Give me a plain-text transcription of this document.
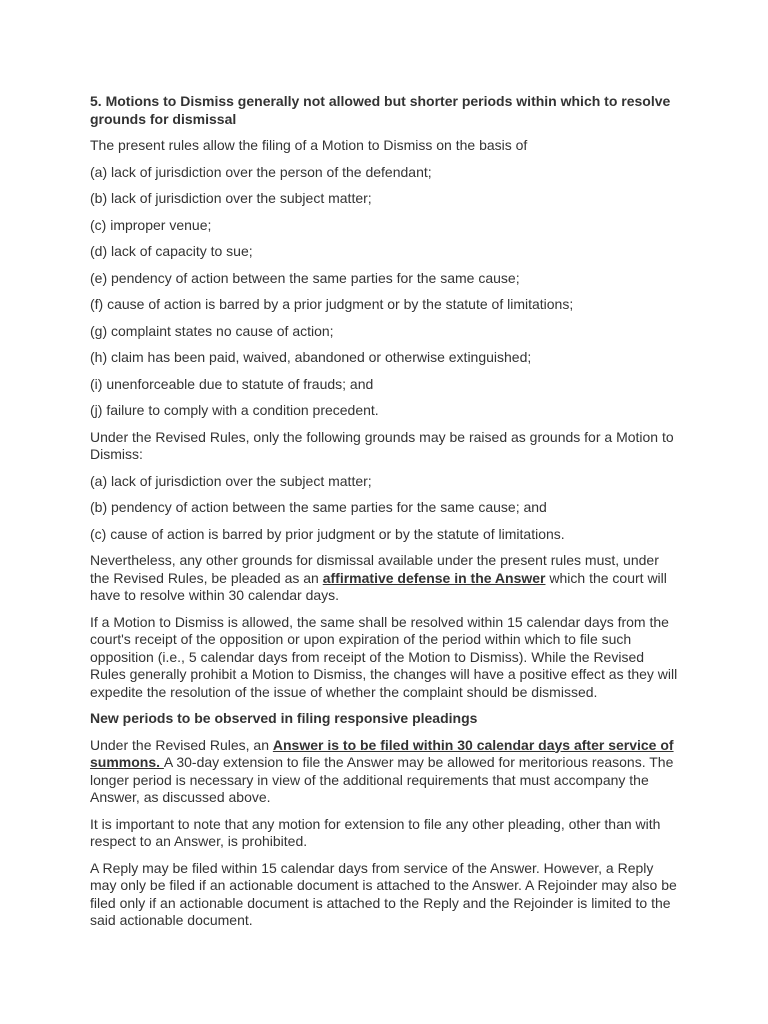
5. Motions to Dismiss generally not allowed but shorter periods within which to resolve grounds for dismissal

The present rules allow the filing of a Motion to Dismiss on the basis of

(a) lack of jurisdiction over the person of the defendant;

(b) lack of jurisdiction over the subject matter;

(c) improper venue;

(d) lack of capacity to sue;

(e) pendency of action between the same parties for the same cause;

(f) cause of action is barred by a prior judgment or by the statute of limitations;

(g) complaint states no cause of action;

(h) claim has been paid, waived, abandoned or otherwise extinguished;

(i) unenforceable due to statute of frauds; and

(j) failure to comply with a condition precedent.

Under the Revised Rules, only the following grounds may be raised as grounds for a Motion to Dismiss:

(a) lack of jurisdiction over the subject matter;

(b) pendency of action between the same parties for the same cause; and

(c) cause of action is barred by prior judgment or by the statute of limitations.

Nevertheless, any other grounds for dismissal available under the present rules must, under the Revised Rules, be pleaded as an affirmative defense in the Answer which the court will have to resolve within 30 calendar days.

If a Motion to Dismiss is allowed, the same shall be resolved within 15 calendar days from the court's receipt of the opposition or upon expiration of the period within which to file such opposition (i.e., 5 calendar days from receipt of the Motion to Dismiss). While the Revised Rules generally prohibit a Motion to Dismiss, the changes will have a positive effect as they will expedite the resolution of the issue of whether the complaint should be dismissed.

New periods to be observed in filing responsive pleadings

Under the Revised Rules, an Answer is to be filed within 30 calendar days after service of summons. A 30-day extension to file the Answer may be allowed for meritorious reasons. The longer period is necessary in view of the additional requirements that must accompany the Answer, as discussed above.

It is important to note that any motion for extension to file any other pleading, other than with respect to an Answer, is prohibited.

A Reply may be filed within 15 calendar days from service of the Answer. However, a Reply may only be filed if an actionable document is attached to the Answer. A Rejoinder may also be filed only if an actionable document is attached to the Reply and the Rejoinder is limited to the said actionable document.
